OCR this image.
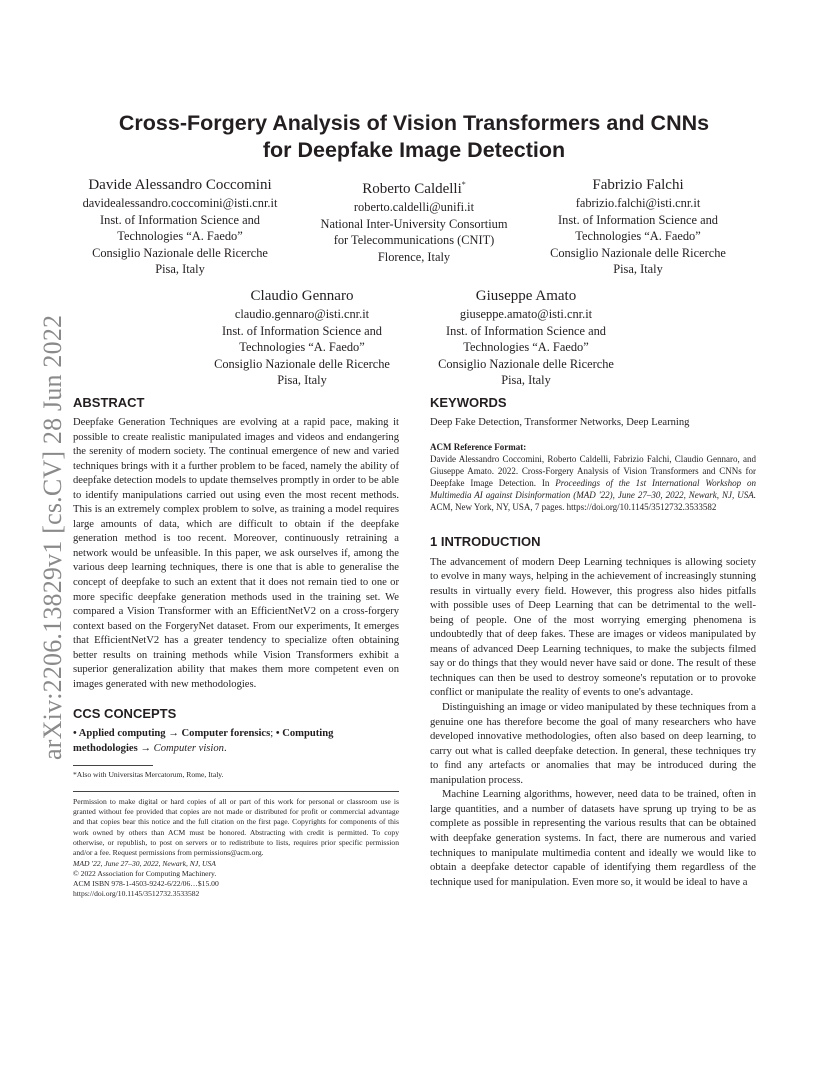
arXiv:2206.13829v1 [cs.CV] 28 Jun 2022
Cross-Forgery Analysis of Vision Transformers and CNNs
for Deepfake Image Detection
Davide Alessandro Coccomini
davidealessandro.coccomini@isti.cnr.it
Inst. of Information Science and
Technologies “A. Faedo”
Consiglio Nazionale delle Ricerche
Pisa, Italy
Roberto Caldelli*
roberto.caldelli@unifi.it
National Inter-University Consortium
for Telecommunications (CNIT)
Florence, Italy
Fabrizio Falchi
fabrizio.falchi@isti.cnr.it
Inst. of Information Science and
Technologies “A. Faedo”
Consiglio Nazionale delle Ricerche
Pisa, Italy
Claudio Gennaro
claudio.gennaro@isti.cnr.it
Inst. of Information Science and
Technologies “A. Faedo”
Consiglio Nazionale delle Ricerche
Pisa, Italy
Giuseppe Amato
giuseppe.amato@isti.cnr.it
Inst. of Information Science and
Technologies “A. Faedo”
Consiglio Nazionale delle Ricerche
Pisa, Italy
ABSTRACT

Deepfake Generation Techniques are evolving at a rapid pace, making it possible to create realistic manipulated images and videos and endangering the serenity of modern society. The continual emergence of new and varied techniques brings with it a further problem to be faced, namely the ability of deepfake detection models to update themselves promptly in order to be able to identify manipulations carried out using even the most recent methods. This is an extremely complex problem to solve, as training a model requires large amounts of data, which are difficult to obtain if the deepfake generation method is too recent. Moreover, continuously retraining a network would be unfeasible. In this paper, we ask ourselves if, among the various deep learning techniques, there is one that is able to generalise the concept of deepfake to such an extent that it does not remain tied to one or more specific deepfake generation methods used in the training set. We compared a Vision Transformer with an EfficientNetV2 on a cross-forgery context based on the ForgeryNet dataset. From our experiments, It emerges that EfficientNetV2 has a greater tendency to specialize often obtaining better results on training methods while Vision Transformers exhibit a superior generalization ability that makes them more competent even on images generated with new methodologies.

CCS CONCEPTS

• Applied computing → Computer forensics; • Computing methodologies → Computer vision.

*Also with Universitas Mercatorum, Rome, Italy.

Permission to make digital or hard copies of all or part of this work for personal or classroom use is granted without fee provided that copies are not made or distributed for profit or commercial advantage and that copies bear this notice and the full citation on the first page. Copyrights for components of this work owned by others than ACM must be honored. Abstracting with credit is permitted. To copy otherwise, or republish, to post on servers or to redistribute to lists, requires prior specific permission and/or a fee. Request permissions from permissions@acm.org.

MAD '22, June 27–30, 2022, Newark, NJ, USA

© 2022 Association for Computing Machinery.

ACM ISBN 978-1-4503-9242-6/22/06…$15.00

https://doi.org/10.1145/3512732.3533582

KEYWORDS

Deep Fake Detection, Transformer Networks, Deep Learning

ACM Reference Format:

Davide Alessandro Coccomini, Roberto Caldelli, Fabrizio Falchi, Claudio Gennaro, and Giuseppe Amato. 2022. Cross-Forgery Analysis of Vision Transformers and CNNs for Deepfake Image Detection. In Proceedings of the 1st International Workshop on Multimedia AI against Disinformation (MAD '22), June 27–30, 2022, Newark, NJ, USA. ACM, New York, NY, USA, 7 pages. https://doi.org/10.1145/3512732.3533582

1 INTRODUCTION

The advancement of modern Deep Learning techniques is allowing society to evolve in many ways, helping in the achievement of increasingly stunning results in virtually every field. However, this progress also hides pitfalls with possible uses of Deep Learning that can be detrimental to the well-being of people. One of the most worrying emerging phenomena is undoubtedly that of deep fakes. These are images or videos manipulated by means of advanced Deep Learning techniques, to make the subjects filmed say or do things that they would never have said or done. The result of these techniques can then be used to destroy someone's reputation or to provoke conflict or manipulate the reality of events to one's advantage.

Distinguishing an image or video manipulated by these techniques from a genuine one has therefore become the goal of many researchers who have developed innovative methodologies, often also based on deep learning, to carry out what is called deepfake detection. In general, these techniques try to find any artefacts or anomalies that may be introduced during the manipulation process.

Machine Learning algorithms, however, need data to be trained, often in large quantities, and a number of datasets have sprung up trying to be as complete as possible in representing the various results that can be obtained with deepfake generation systems. In fact, there are numerous and varied techniques to manipulate multimedia content and ideally we would like to obtain a deepfake detector capable of identifying them regardless of the technique used for manipulation. Even more so, it would be ideal to have a
